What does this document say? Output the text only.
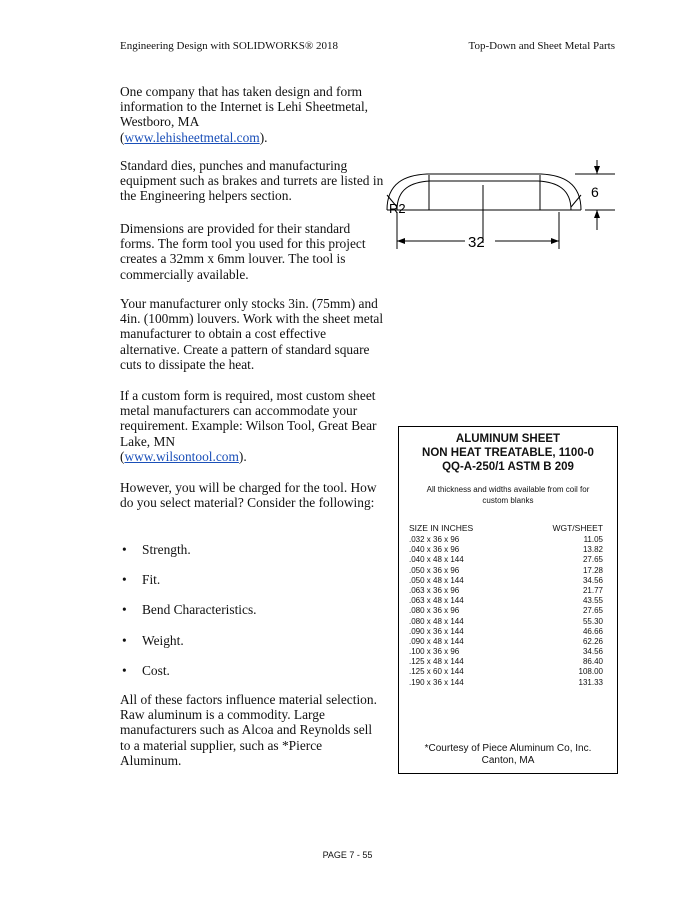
Engineering Design with SOLIDWORKS® 2018	Top-Down and Sheet Metal Parts

One company that has taken design and form information to the Internet is Lehi Sheetmetal, Westboro, MA
(www.lehisheetmetal.com).

Standard dies, punches and manufacturing equipment such as brakes and turrets are listed in the Engineering helpers section.

Dimensions are provided for their standard forms. The form tool you used for this project creates a 32mm x 6mm louver. The tool is commercially available.

Your manufacturer only stocks 3in. (75mm) and 4in. (100mm) louvers. Work with the sheet metal manufacturer to obtain a cost effective alternative. Create a pattern of standard square cuts to dissipate the heat.

If a custom form is required, most custom sheet metal manufacturers can accommodate your requirement. Example: Wilson Tool, Great Bear Lake, MN
(www.wilsontool.com).

However, you will be charged for the tool. How do you select material? Consider the following:

• Strength.
• Fit.
• Bend Characteristics.
• Weight.
• Cost.

All of these factors influence material selection. Raw aluminum is a commodity. Large manufacturers such as Alcoa and Reynolds sell to a material supplier, such as *Pierce Aluminum.

R2
32
6
ALUMINUM SHEET
NON HEAT TREATABLE, 1100-0
QQ-A-250/1 ASTM B 209
All thickness and widths available from coil for custom blanks
SIZE IN INCHES	WGT/SHEET
.032 x 36 x 96	11.05
.040 x 36 x 96	13.82
.040 x 48 x 144	27.65
.050 x 36 x 96	17.28
.050 x 48 x 144	34.56
.063 x 36 x 96	21.77
.063 x 48 x 144	43.55
.080 x 36 x 96	27.65
.080 x 48 x 144	55.30
.090 x 36 x 144	46.66
.090 x 48 x 144	62.26
.100 x 36 x 96	34.56
.125 x 48 x 144	86.40
.125 x 60 x 144	108.00
.190 x 36 x 144	131.33
*Courtesy of Piece Aluminum Co, Inc.
Canton, MA
PAGE 7 - 55
